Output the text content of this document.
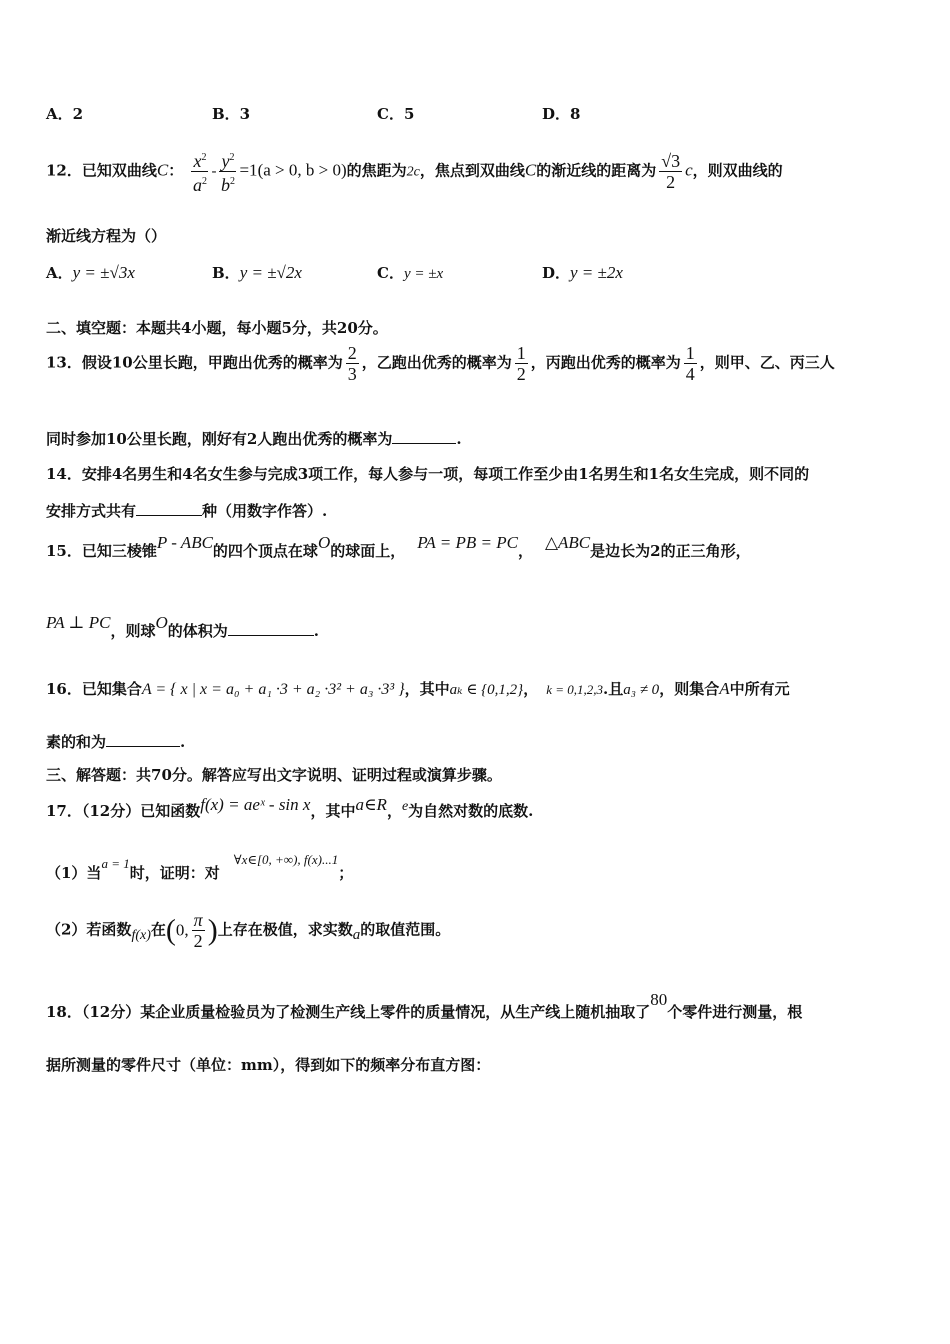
A．2	B．3	C．5	D．8
12．已知双曲线C： $\frac{x^2}{a^2} - \frac{y^2}{b^2} =1(a > 0$, b > 0)的焦距为2c，焦点到双曲线C的渐近线的距离为 $\frac{√3}{2}$ c，则双曲线的
渐近线方程为（）
A．y = ±√3x	B．y = ±√2x	C．y = ±x	D．y = ±2x
二、填空题：本题共4小题，每小题5分，共20分。
13．假设10公里长跑，甲跑出优秀的概率为 $\frac{2}{3}$ ，乙跑出优秀的概率为 $\frac{1}{2}$ ，丙跑出优秀的概率为 $\frac{1}{4}$ ，则甲、乙、丙三人
同时参加10公里长跑，刚好有2人跑出优秀的概率为	.
14．安排4名男生和4名女生参与完成3项工作，每人参与一项，每项工作至少由1名男生和1名女生完成，则不同的
安排方式共有	种（用数字作答）.
15．已知三棱锥P - ABC的四个顶点在球O的球面上， PA = PB = PC， △ABC是边长为2的正三角形，
PA ⊥ PC，则球O的体积为	.
16．已知集合A = { x | x = a₀ + a₁ ·3 + a₂ ·3² + a₃ ·3³ }，其中aₖ ∈ {0,1,2}， k = 0,1,2,3.且a₃ ≠ 0，则集合A中所有元
素的和为	.
三、解答题：共70分。解答应写出文字说明、证明过程或演算步骤。
17．（12分）已知函数f(x) = aeˣ - sin x，其中a∈R，e为自然对数的底数.
（1）当a = 1时，证明：对∀x∈[0, +∞), f(x)...1；
（2）若函数f(x)在(0, $\frac{\pi}{2}$ )上存在极值，求实数a的取值范围。
18．（12分）某企业质量检验员为了检测生产线上零件的质量情况，从生产线上随机抽取了80个零件进行测量，根
据所测量的零件尺寸（单位：mm），得到如下的频率分布直方图：
